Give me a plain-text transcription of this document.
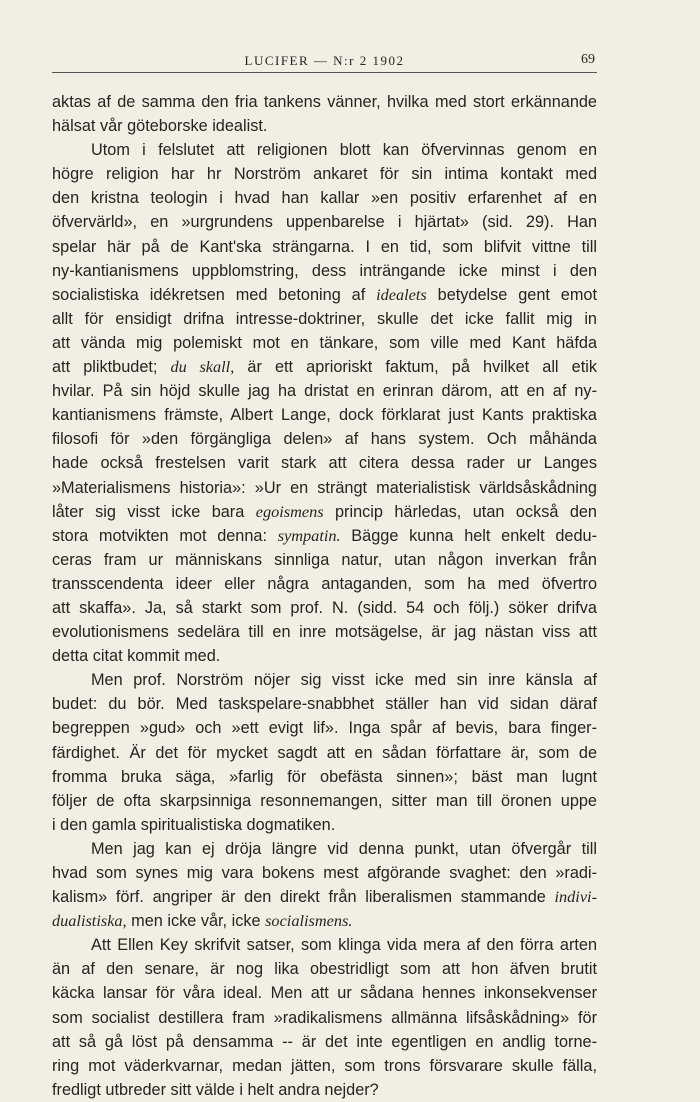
LUCIFER — N:r 2 1902	69
aktas af de samma den fria tankens vänner, hvilka med stort erkännande
hälsat vår göteborske idealist.
Utom i felslutet att religionen blott kan öfvervinnas genom en
högre religion har hr Norström ankaret för sin intima kontakt med
den kristna teologin i hvad han kallar »en positiv erfarenhet af en
öfvervärld», en »urgrundens uppenbarelse i hjärtat» (sid. 29). Han
spelar här på de Kant'ska strängarna. I en tid, som blifvit vittne till
ny-kantianismens uppblomstring, dess inträngande icke minst i den
socialistiska idékretsen med betoning af idealets betydelse gent emot
allt för ensidigt drifna intresse-doktriner, skulle det icke fallit mig in
att vända mig polemiskt mot en tänkare, som ville med Kant häfda
att pliktbudet; du skall, är ett aprioriskt faktum, på hvilket all etik
hvilar. På sin höjd skulle jag ha dristat en erinran därom, att en af ny-
kantianismens främste, Albert Lange, dock förklarat just Kants praktiska
filosofi för »den förgängliga delen» af hans system. Och måhända
hade också frestelsen varit stark att citera dessa rader ur Langes
»Materialismens historia»: »Ur en strängt materialistisk världsåskådning
låter sig visst icke bara egoismens princip härledas, utan också den
stora motvikten mot denna: sympatin. Bägge kunna helt enkelt dedu-
ceras fram ur människans sinnliga natur, utan någon inverkan från
transscendenta ideer eller några antaganden, som ha med öfvertro
att skaffa». Ja, så starkt som prof. N. (sidd. 54 och följ.) söker drifva
evolutionismens sedelära till en inre motsägelse, är jag nästan viss att
detta citat kommit med.
Men prof. Norström nöjer sig visst icke med sin inre känsla af
budet: du bör. Med taskspelare-snabbhet ställer han vid sidan däraf
begreppen »gud» och »ett evigt lif». Inga spår af bevis, bara finger-
färdighet. Är det för mycket sagdt att en sådan författare är, som de
fromma bruka säga, »farlig för obefästa sinnen»; bäst man lugnt
följer de ofta skarpsinniga resonnemangen, sitter man till öronen uppe
i den gamla spiritualistiska dogmatiken.
Men jag kan ej dröja längre vid denna punkt, utan öfvergår till
hvad som synes mig vara bokens mest afgörande svaghet: den »radi-
kalism» förf. angriper är den direkt från liberalismen stammande indivi-
dualistiska, men icke vår, icke socialismens.
Att Ellen Key skrifvit satser, som klinga vida mera af den förra arten
än af den senare, är nog lika obestridligt som att hon äfven brutit
käcka lansar för våra ideal. Men att ur sådana hennes inkonsekvenser
som socialist destillera fram »radikalismens allmänna lifsåskådning» för
att så gå löst på densamma -- är det inte egentligen en andlig torne-
ring mot väderkvarnar, medan jätten, som trons försvarare skulle fälla,
fredligt utbreder sitt välde i helt andra nejder?
